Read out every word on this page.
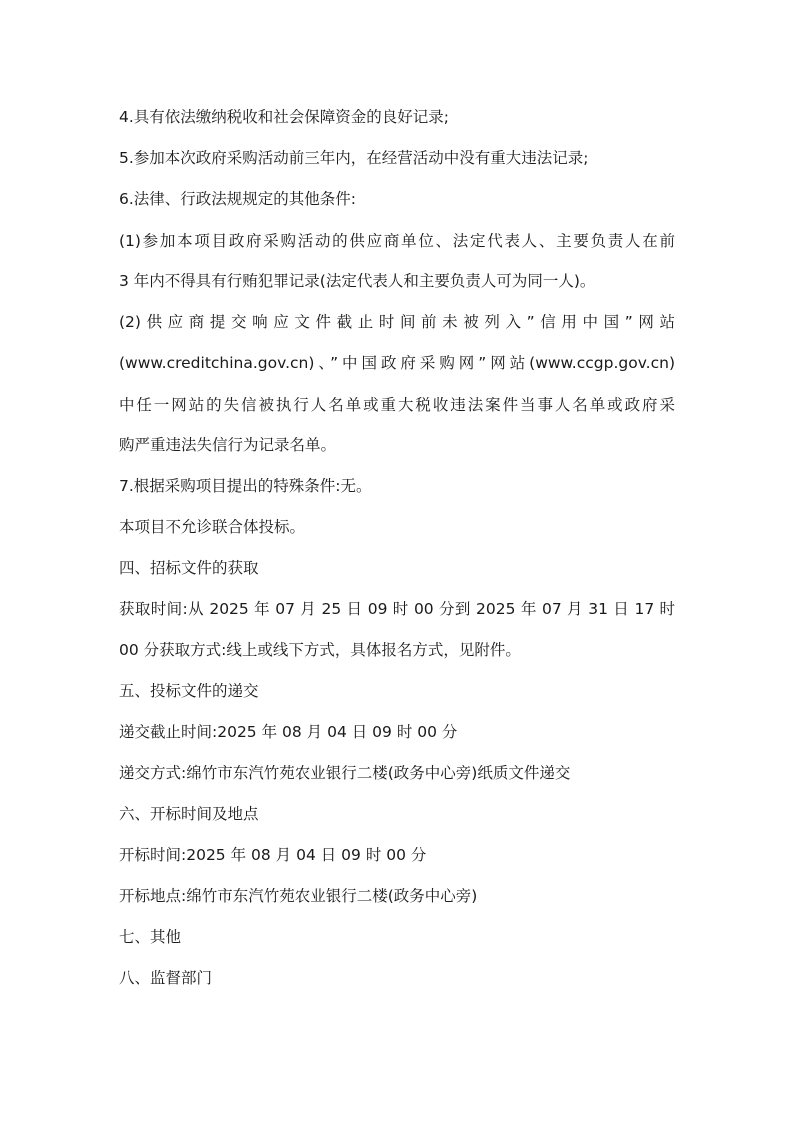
4.具有依法缴纳税收和社会保障资金的良好记录;
5.参加本次政府采购活动前三年内，在经营活动中没有重大违法记录;
6.法律、行政法规规定的其他条件:
(1)参加本项目政府采购活动的供应商单位、法定代表人、主要负责人在前
3 年内不得具有行贿犯罪记录(法定代表人和主要负责人可为同一人)。
(2)供应商提交响应文件截止时间前未被列入”信用中国”网站
(www.creditchina.gov.cn)、”中国政府采购网”网站(www.ccgp.gov.cn)
中任一网站的失信被执行人名单或重大税收违法案件当事人名单或政府采
购严重违法失信行为记录名单。
7.根据采购项目提出的特殊条件:无。
本项目不允诊联合体投标。
四、招标文件的获取
获取时间:从 2025 年 07 月 25 日 09 时 00 分到 2025 年 07 月 31 日 17 时
00 分获取方式:线上或线下方式，具体报名方式，见附件。
五、投标文件的递交
递交截止时间:2025 年 08 月 04 日 09 时 00 分
递交方式:绵竹市东汽竹苑农业银行二楼(政务中心旁)纸质文件递交
六、开标时间及地点
开标时间:2025 年 08 月 04 日 09 时 00 分
开标地点:绵竹市东汽竹苑农业银行二楼(政务中心旁)
七、其他
八、监督部门
